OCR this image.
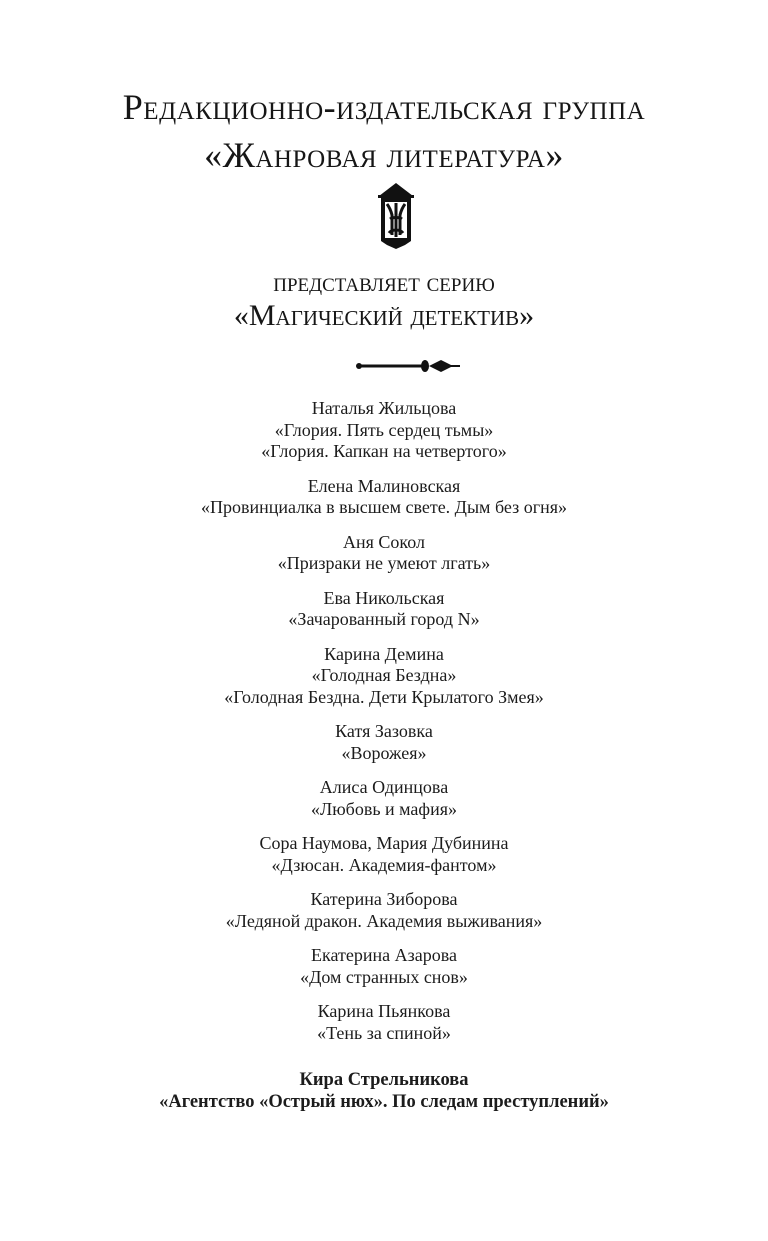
Редакционно-издательская группа
«Жанровая литература»
представляет серию
«Магический детектив»
Наталья Жильцова
«Глория. Пять сердец тьмы»
«Глория. Капкан на четвертого»
Елена Малиновская
«Провинциалка в высшем свете. Дым без огня»
Аня Сокол
«Призраки не умеют лгать»
Ева Никольская
«Зачарованный город N»
Карина Демина
«Голодная Бездна»
«Голодная Бездна. Дети Крылатого Змея»
Катя Зазовка
«Ворожея»
Алиса Одинцова
«Любовь и мафия»
Сора Наумова, Мария Дубинина
«Дзюсан. Академия-фантом»
Катерина Зиборова
«Ледяной дракон. Академия выживания»
Екатерина Азарова
«Дом странных снов»
Карина Пьянкова
«Тень за спиной»
Кира Стрельникова
«Агентство «Острый нюх». По следам преступлений»
